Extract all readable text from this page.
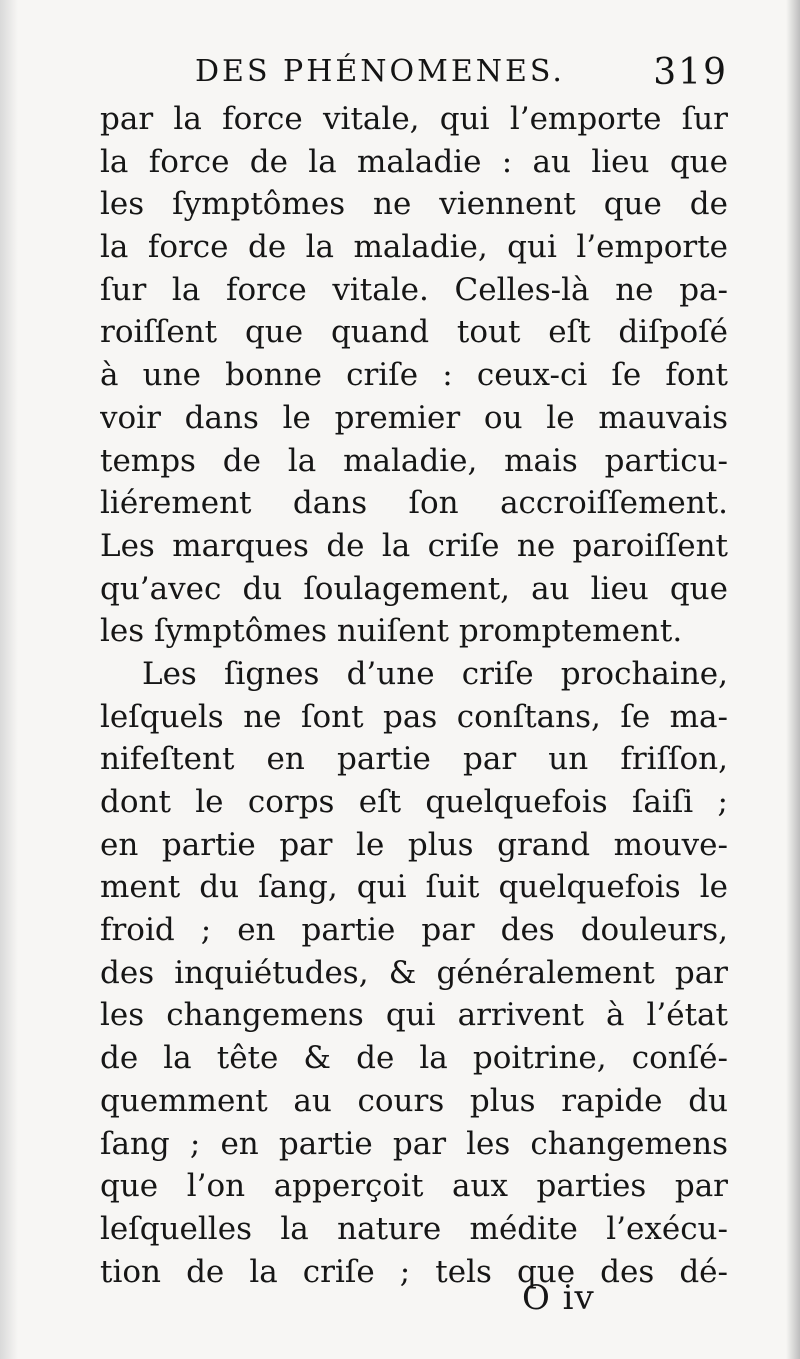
DES PHÉNOMENES. 319
par la force vitale, qui l’emporte ſur
la force de la maladie : au lieu que
les ſymptômes ne viennent que de
la force de la maladie, qui l’emporte
ſur la force vitale. Celles-là ne pa-
roiſſent que quand tout eſt diſpoſé
à une bonne criſe : ceux-ci ſe font
voir dans le premier ou le mauvais
temps de la maladie, mais particu-
liérement dans ſon accroiſſement.
Les marques de la criſe ne paroiſſent
qu’avec du ſoulagement, au lieu que
les ſymptômes nuiſent promptement.
Les ſignes d’une criſe prochaine,
leſquels ne ſont pas conſtans, ſe ma-
nifeſtent en partie par un friſſon,
dont le corps eſt quelquefois ſaiſi ;
en partie par le plus grand mouve-
ment du ſang, qui ſuit quelquefois le
froid ; en partie par des douleurs,
des inquiétudes, & généralement par
les changemens qui arrivent à l’état
de la tête & de la poitrine, conſé-
quemment au cours plus rapide du
ſang ; en partie par les changemens
que l’on apperçoit aux parties par
leſquelles la nature médite l’exécu-
tion de la criſe ; tels que des dé-
O iv
